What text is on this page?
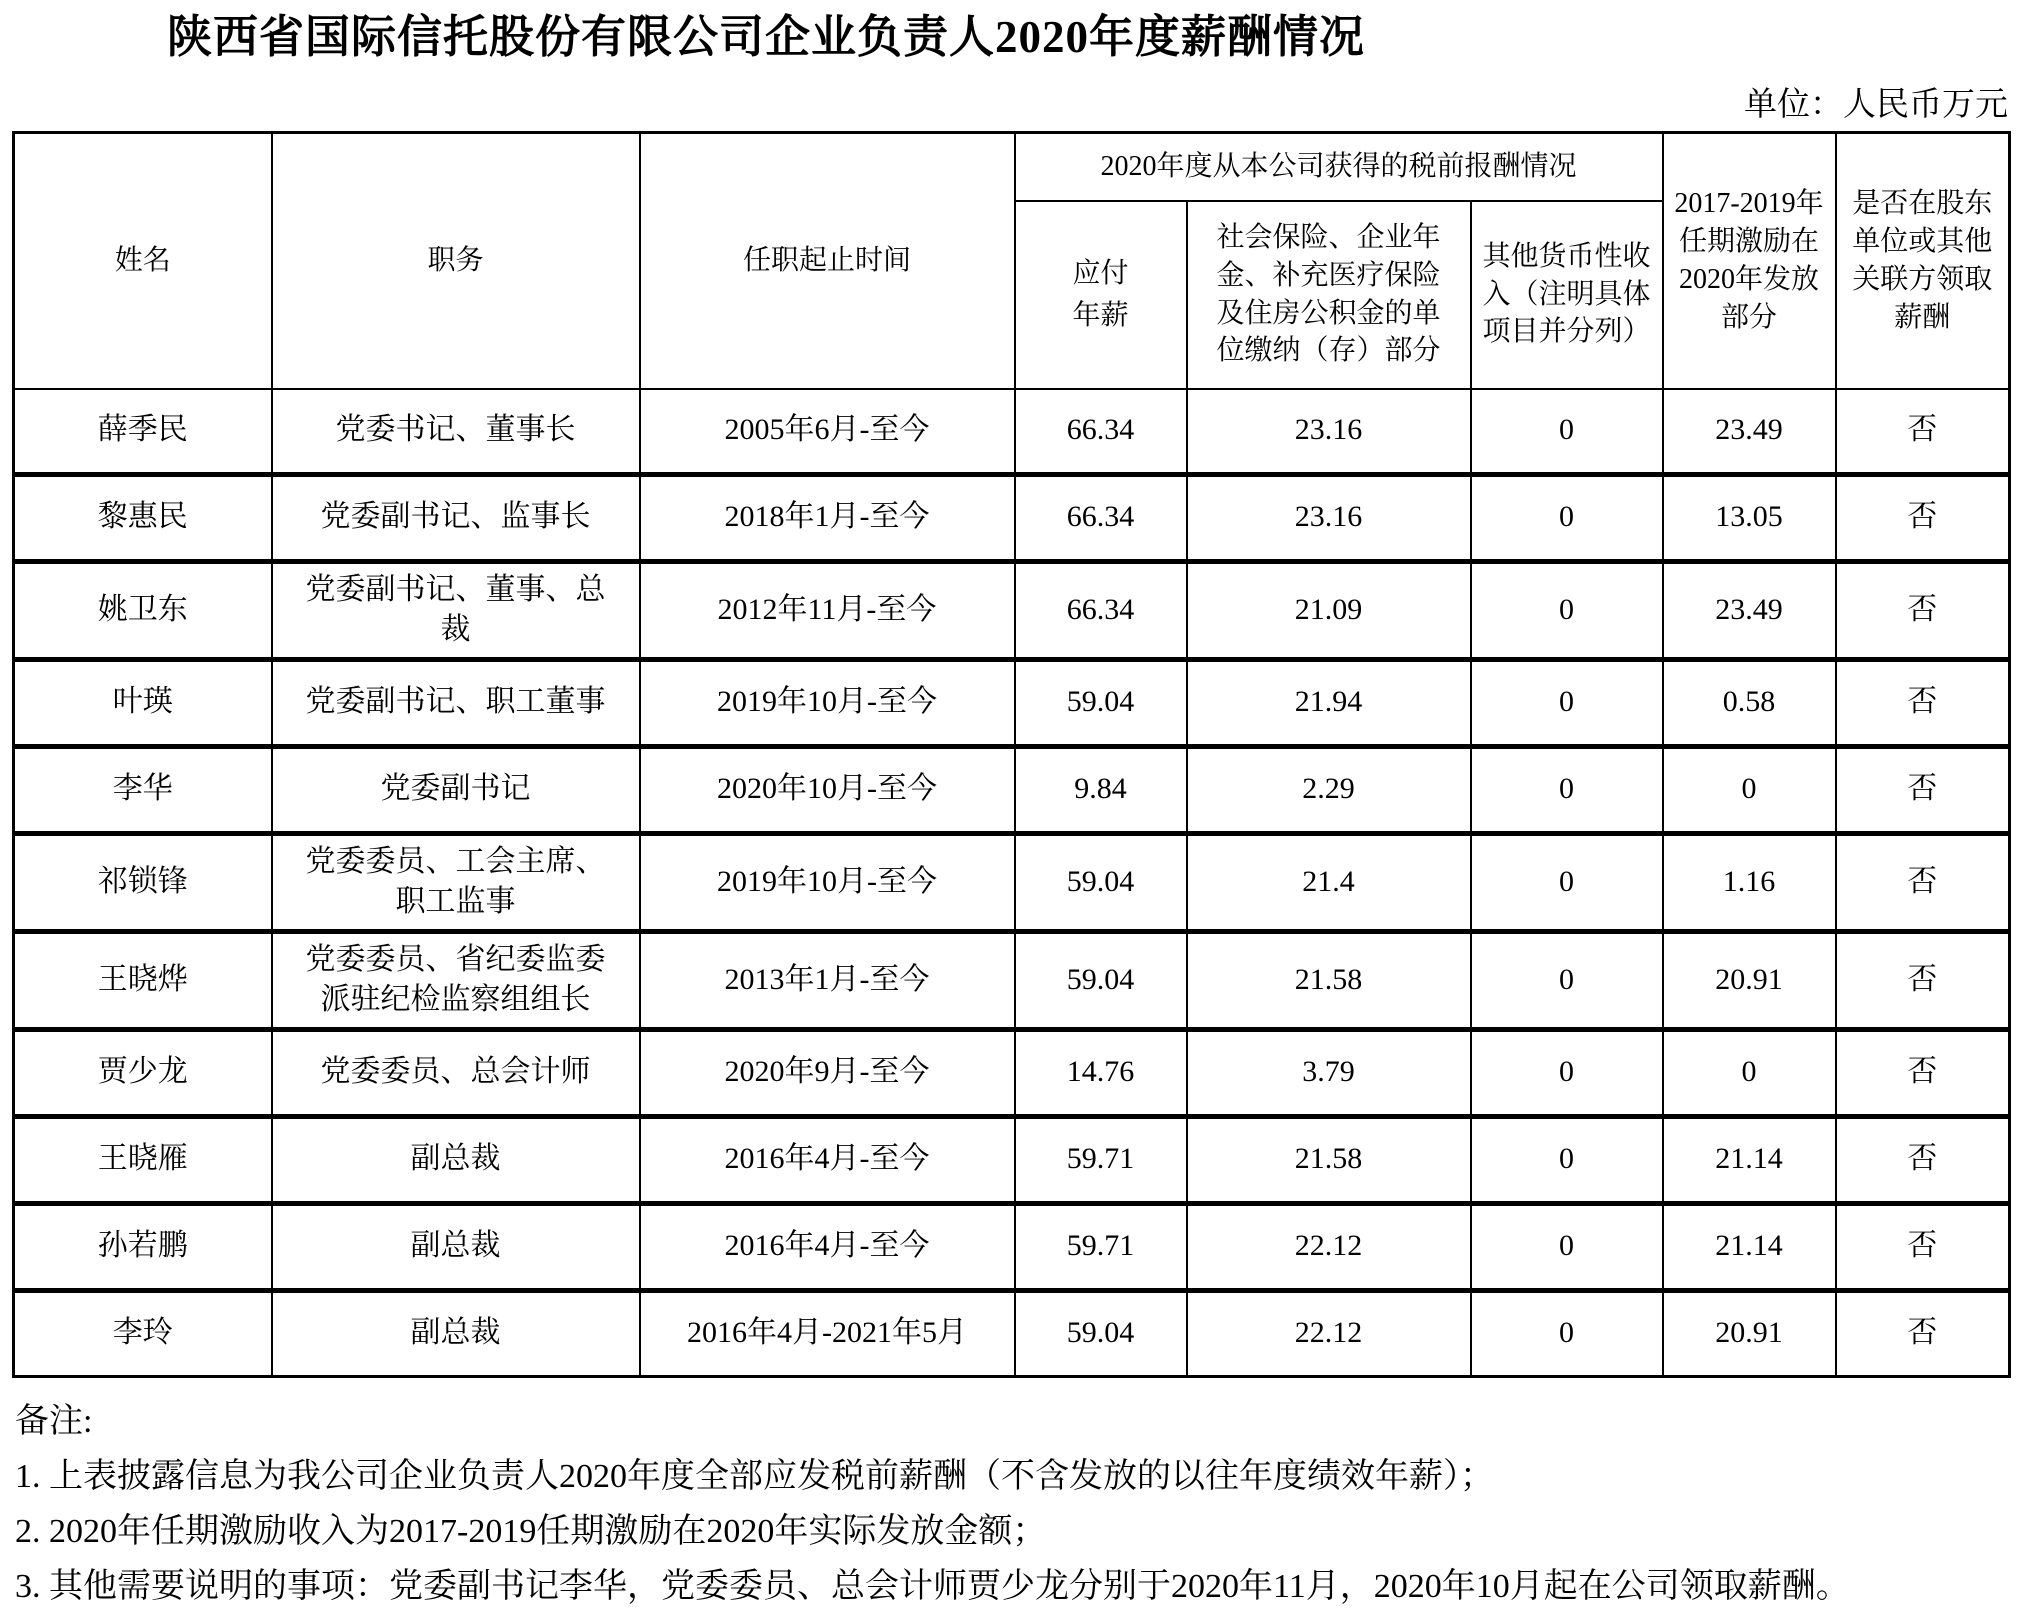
陕西省国际信托股份有限公司企业负责人2020年度薪酬情况
单位：人民币万元
姓名	职务	任职起止时间	2020年度从本公司获得的税前报酬情况			2017-2019年任期激励在2020年发放部分	是否在股东单位或其他关联方领取薪酬
			应付年薪	社会保险、企业年金、补充医疗保险及住房公积金的单位缴纳（存）部分	其他货币性收入（注明具体项目并分列）		
薛季民	党委书记、董事长	2005年6月-至今	66.34	23.16	0	23.49	否
黎惠民	党委副书记、监事长	2018年1月-至今	66.34	23.16	0	13.05	否
姚卫东	党委副书记、董事、总裁	2012年11月-至今	66.34	21.09	0	23.49	否
叶瑛	党委副书记、职工董事	2019年10月-至今	59.04	21.94	0	0.58	否
李华	党委副书记	2020年10月-至今	9.84	2.29	0	0	否
祁锁锋	党委委员、工会主席、职工监事	2019年10月-至今	59.04	21.4	0	1.16	否
王晓烨	党委委员、省纪委监委派驻纪检监察组组长	2013年1月-至今	59.04	21.58	0	20.91	否
贾少龙	党委委员、总会计师	2020年9月-至今	14.76	3.79	0	0	否
王晓雁	副总裁	2016年4月-至今	59.71	21.58	0	21.14	否
孙若鹏	副总裁	2016年4月-至今	59.71	22.12	0	21.14	否
李玲	副总裁	2016年4月-2021年5月	59.04	22.12	0	20.91	否
备注:
1. 上表披露信息为我公司企业负责人2020年度全部应发税前薪酬（不含发放的以往年度绩效年薪）；
2. 2020年任期激励收入为2017-2019任期激励在2020年实际发放金额；
3. 其他需要说明的事项：党委副书记李华，党委委员、总会计师贾少龙分别于2020年11月，2020年10月起在公司领取薪酬。
